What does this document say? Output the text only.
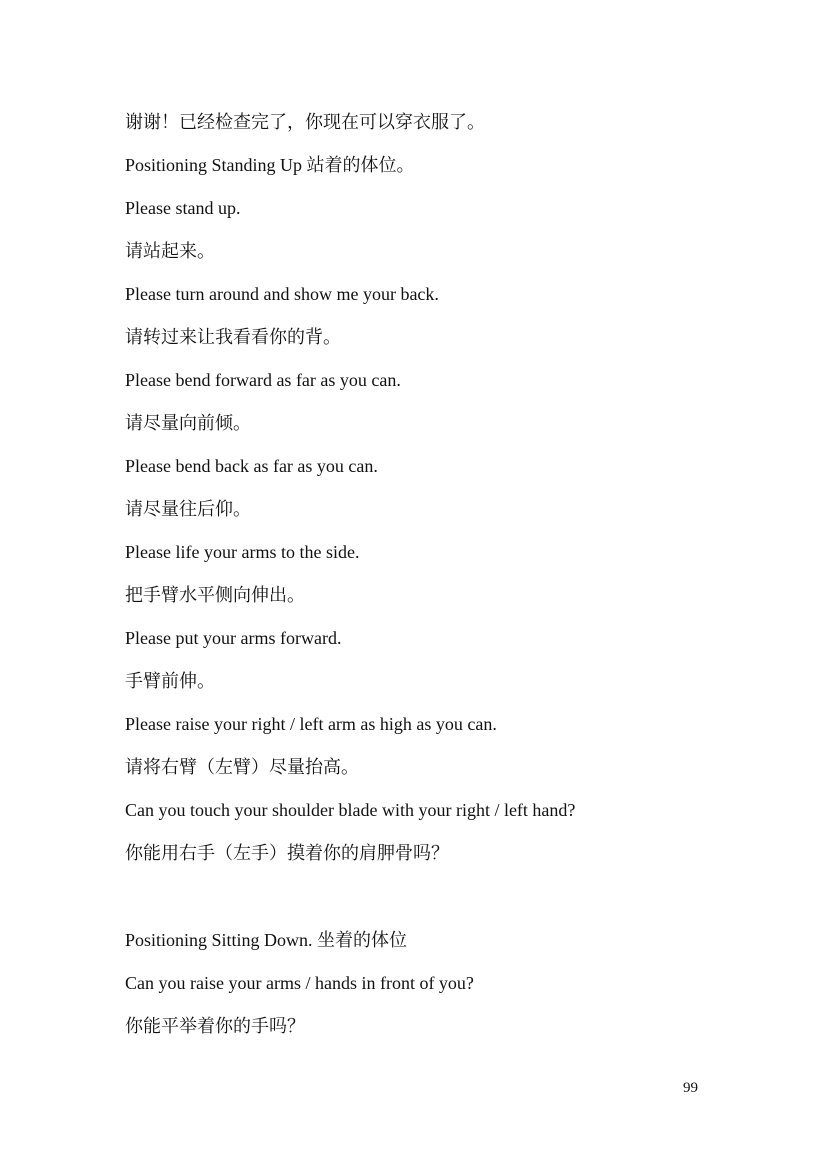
谢谢！已经检查完了，你现在可以穿衣服了。

Positioning Standing Up 站着的体位。

Please stand up.

请站起来。

Please turn around and show me your back.

请转过来让我看看你的背。

Please bend forward as far as you can.

请尽量向前倾。

Please bend back as far as you can.

请尽量往后仰。

Please life your arms to the side.

把手臂水平侧向伸出。

Please put your arms forward.

手臂前伸。

Please raise your right / left arm as high as you can.

请将右臂（左臂）尽量抬高。

Can you touch your shoulder blade with your right / left hand?

你能用右手（左手）摸着你的肩胛骨吗？

Positioning Sitting Down. 坐着的体位

Can you raise your arms / hands in front of you?

你能平举着你的手吗？

99
